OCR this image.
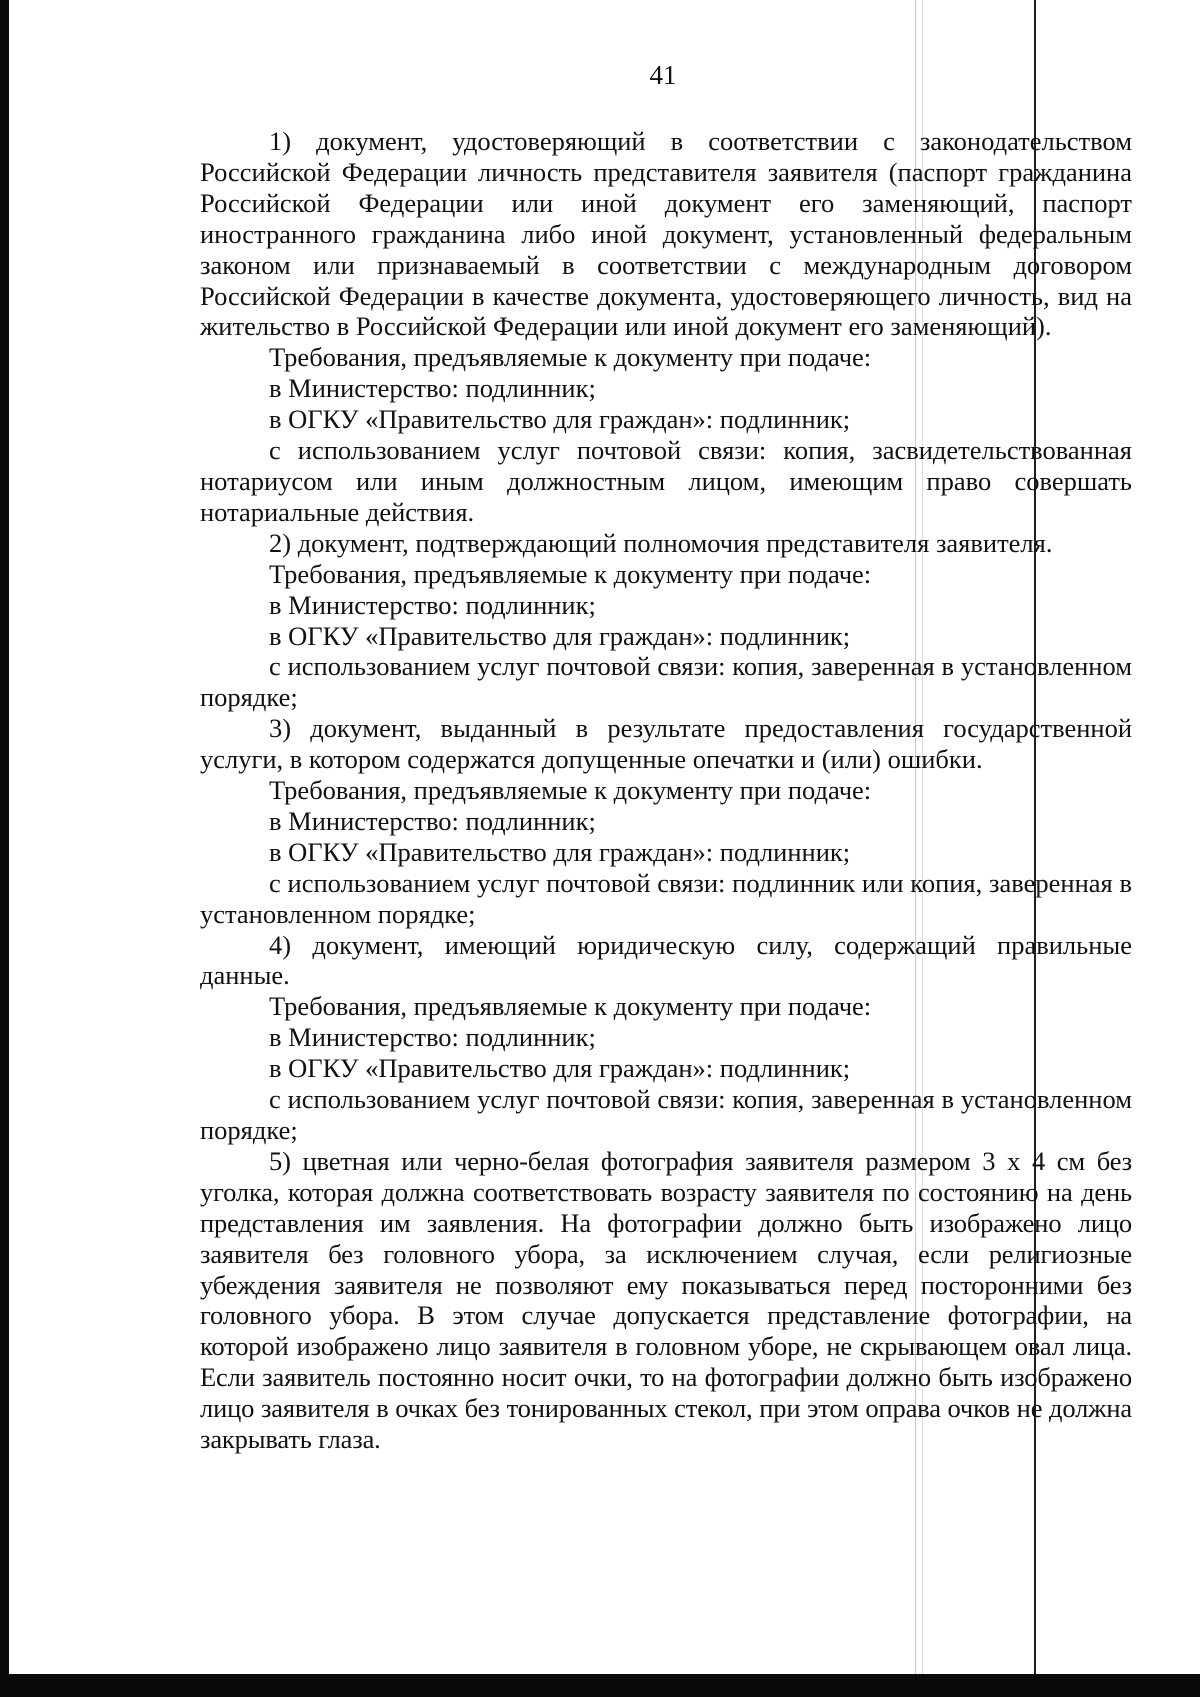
41

1) документ, удостоверяющий в соответствии с законодательством Российской Федерации личность представителя заявителя (паспорт гражданина Российской Федерации или иной документ его заменяющий, паспорт иностранного гражданина либо иной документ, установленный федеральным законом или признаваемый в соответствии с международным договором Российской Федерации в качестве документа, удостоверяющего личность, вид на жительство в Российской Федерации или иной документ его заменяющий).

Требования, предъявляемые к документу при подаче:

в Министерство: подлинник;

в ОГКУ «Правительство для граждан»: подлинник;

с использованием услуг почтовой связи: копия, засвидетельствованная нотариусом или иным должностным лицом, имеющим право совершать нотариальные действия.

2) документ, подтверждающий полномочия представителя заявителя.

Требования, предъявляемые к документу при подаче:

в Министерство: подлинник;

в ОГКУ «Правительство для граждан»: подлинник;

с использованием услуг почтовой связи: копия, заверенная в установленном порядке;

3) документ, выданный в результате предоставления государственной услуги, в котором содержатся допущенные опечатки и (или) ошибки.

Требования, предъявляемые к документу при подаче:

в Министерство: подлинник;

в ОГКУ «Правительство для граждан»: подлинник;

с использованием услуг почтовой связи: подлинник или копия, заверенная в установленном порядке;

4) документ, имеющий юридическую силу, содержащий правильные данные.

Требования, предъявляемые к документу при подаче:

в Министерство: подлинник;

в ОГКУ «Правительство для граждан»: подлинник;

с использованием услуг почтовой связи: копия, заверенная в установленном порядке;

5) цветная или черно-белая фотография заявителя размером 3 х 4 см без уголка, которая должна соответствовать возрасту заявителя по состоянию на день представления им заявления. На фотографии должно быть изображено лицо заявителя без головного убора, за исключением случая, если религиозные убеждения заявителя не позволяют ему показываться перед посторонними без головного убора. В этом случае допускается представление фотографии, на которой изображено лицо заявителя в головном уборе, не скрывающем овал лица. Если заявитель постоянно носит очки, то на фотографии должно быть изображено лицо заявителя в очках без тонированных стекол, при этом оправа очков не должна закрывать глаза.
